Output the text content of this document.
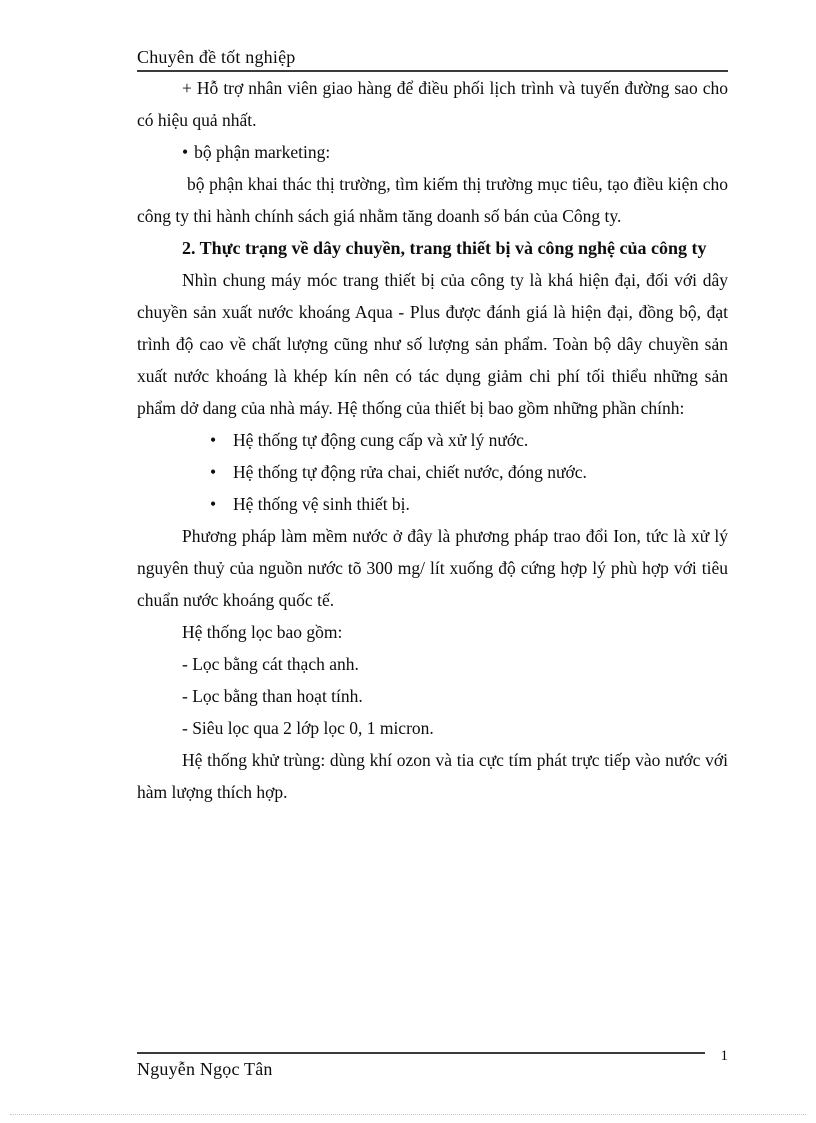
Chuyên đề tốt nghiệp

+ Hỗ trợ nhân viên giao hàng để điều phối lịch trình và tuyến đường sao cho có hiệu quả nhất.

• bộ phận marketing:

bộ phận khai thác thị trường, tìm kiếm thị trường mục tiêu, tạo điều kiện cho công ty thi hành chính sách giá nhằm tăng doanh số bán của Công ty.

2. Thực trạng về dây chuyền, trang thiết bị và công nghệ của công ty

Nhìn chung máy móc trang thiết bị của công ty là khá hiện đại, đối với dây chuyền sản xuất nước khoáng Aqua - Plus được đánh giá là hiện đại, đồng bộ, đạt trình độ cao về chất lượng cũng như số lượng sản phẩm. Toàn bộ dây chuyền sản xuất nước khoáng là khép kín nên có tác dụng giảm chi phí tối thiểu những sản phẩm dở dang của nhà máy. Hệ thống của thiết bị bao gồm những phần chính:

• Hệ thống tự động cung cấp và xử lý nước.
• Hệ thống tự động rửa chai, chiết nước, đóng nước.
• Hệ thống vệ sinh thiết bị.

Phương pháp làm mềm nước ở đây là phương pháp trao đổi Ion, tức là xử lý nguyên thuỷ của nguồn nước tõ 300 mg/ lít xuống độ cứng hợp lý phù hợp với tiêu chuẩn nước khoáng quốc tế.

Hệ thống lọc bao gồm:

- Lọc bằng cát thạch anh.

- Lọc bằng than hoạt tính.

- Siêu lọc qua 2 lớp lọc 0, 1 micron.

Hệ thống khử trùng: dùng khí ozon và tia cực tím phát trực tiếp vào nước với hàm lượng thích hợp.

Nguyễn Ngọc Tân
1
